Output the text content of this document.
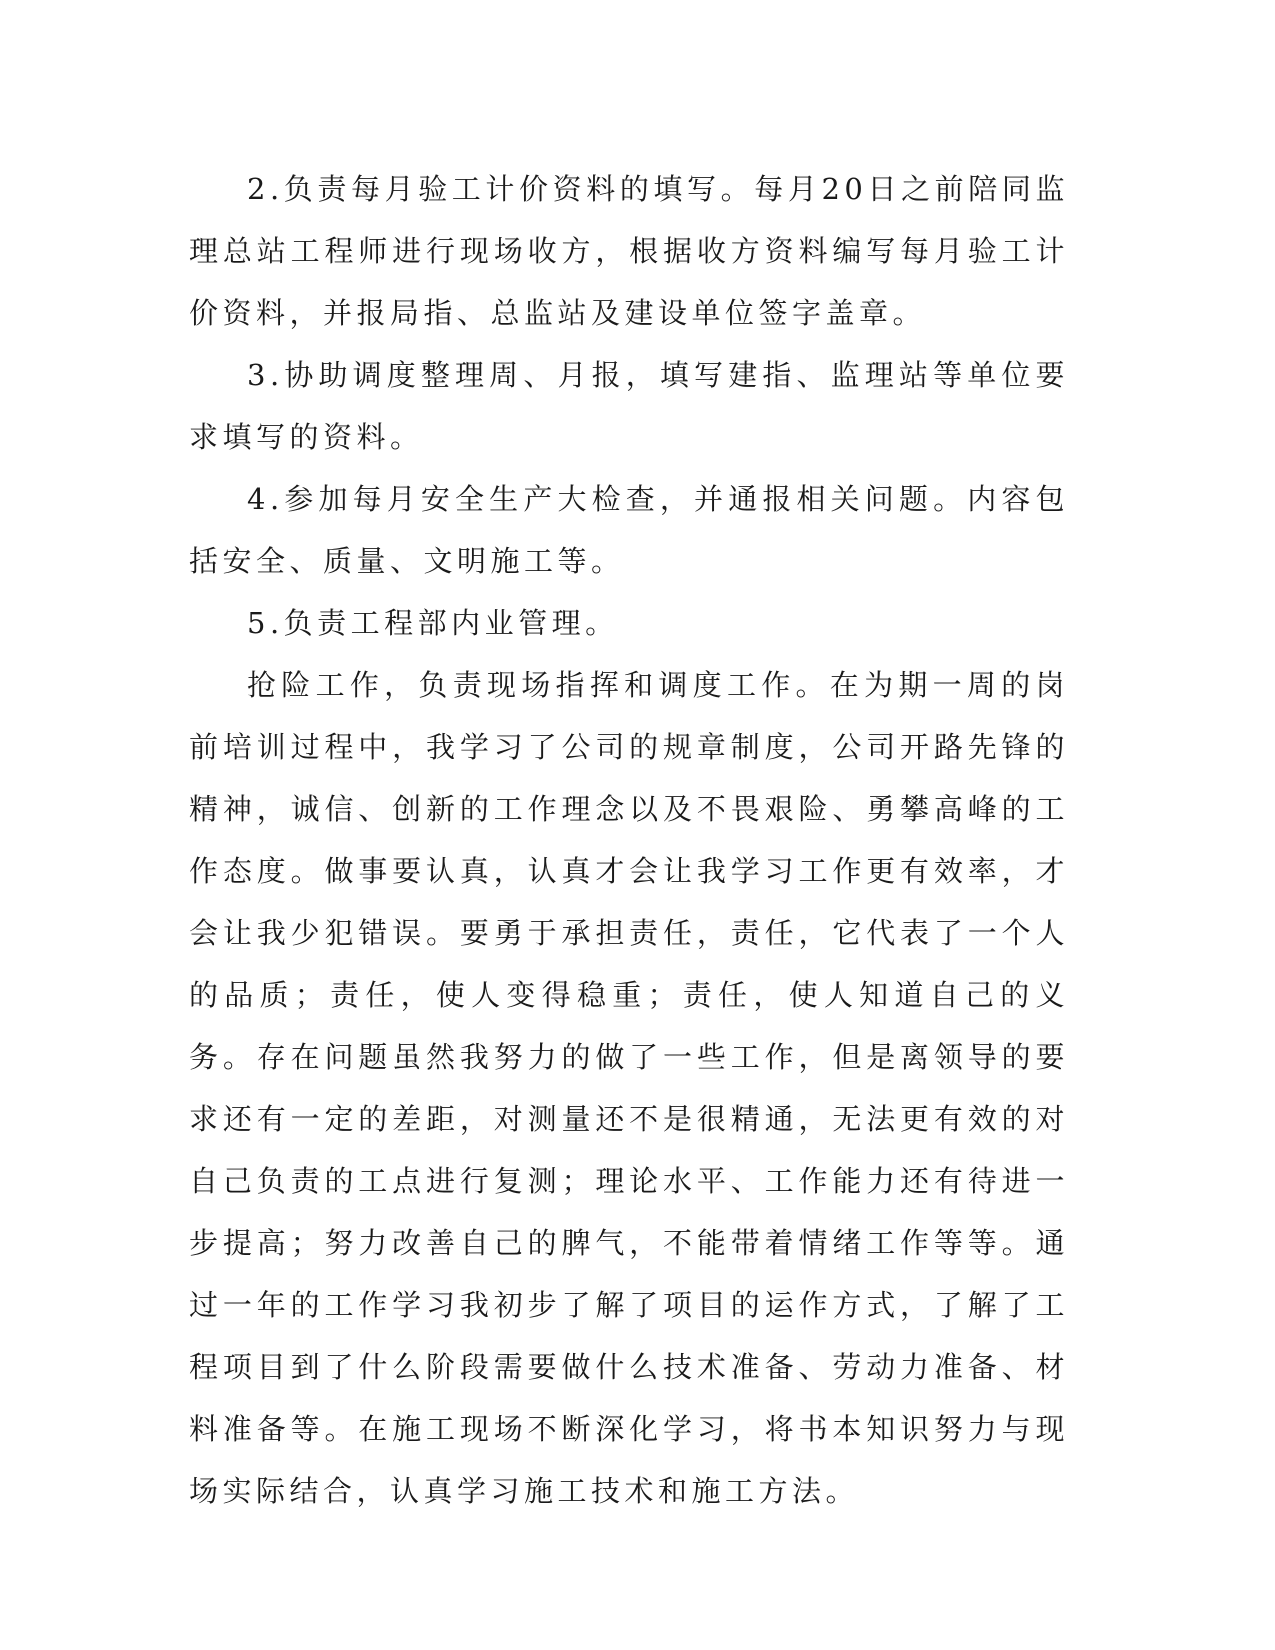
2.负责每月验工计价资料的填写。每月20日之前陪同监理总站工程师进行现场收方，根据收方资料编写每月验工计价资料，并报局指、总监站及建设单位签字盖章。

3.协助调度整理周、月报，填写建指、监理站等单位要求填写的资料。

4.参加每月安全生产大检查，并通报相关问题。内容包括安全、质量、文明施工等。

5.负责工程部内业管理。

抢险工作，负责现场指挥和调度工作。在为期一周的岗前培训过程中，我学习了公司的规章制度，公司开路先锋的精神，诚信、创新的工作理念以及不畏艰险、勇攀高峰的工作态度。做事要认真，认真才会让我学习工作更有效率，才会让我少犯错误。要勇于承担责任，责任，它代表了一个人的品质；责任，使人变得稳重；责任，使人知道自己的义务。存在问题虽然我努力的做了一些工作，但是离领导的要求还有一定的差距，对测量还不是很精通，无法更有效的对自己负责的工点进行复测；理论水平、工作能力还有待进一步提高；努力改善自己的脾气，不能带着情绪工作等等。通过一年的工作学习我初步了解了项目的运作方式，了解了工程项目到了什么阶段需要做什么技术准备、劳动力准备、材料准备等。在施工现场不断深化学习，将书本知识努力与现场实际结合，认真学习施工技术和施工方法。
